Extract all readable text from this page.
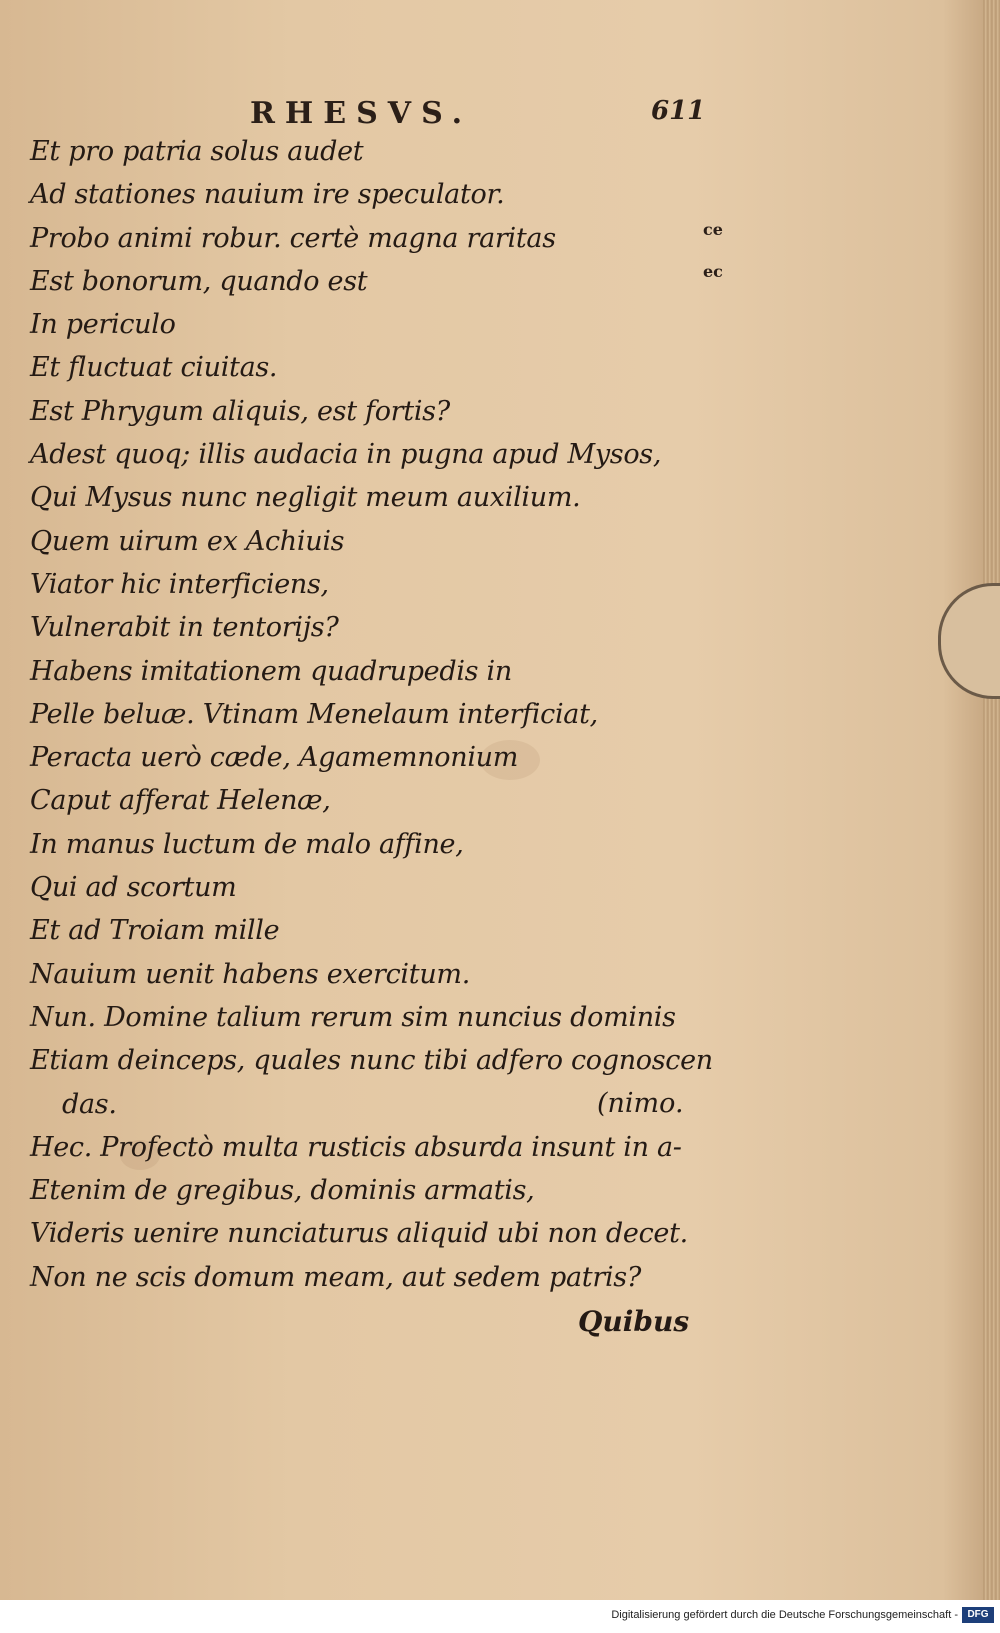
RHESVS.	611
ce
ec
Et pro patria solus audet
Ad stationes nauium ire speculator.
Probo animi robur. certè magna raritas
Est bonorum, quando est
In periculo
Et fluctuat ciuitas.
Est Phrygum aliquis, est fortis?
Adest quoq; illis audacia in pugna apud Mysos,
Qui Mysus nunc negligit meum auxilium.
Quem uirum ex Achiuis
Viator hic interficiens,
Vulnerabit in tentorijs?
Habens imitationem quadrupedis in
Pelle beluæ. Vtinam Menelaum interficiat,
Peracta uerò cæde, Agamemnonium
Caput afferat Helenæ,
In manus luctum de malo affine,
Qui ad scortum
Et ad Troiam mille
Nauium uenit habens exercitum.
Nun. Domine talium rerum sim nuncius dominis
Etiam deinceps, quales nunc tibi adfero cognoscen
das.
Hec. Profectò multa rusticis absurda insunt in a-
Etenim de gregibus, dominis armatis,
Videris uenire nunciaturus aliquid ubi non decet.
Non ne scis domum meam, aut sedem patris?
(nimo.
Quibus
Digitalisierung gefördert durch die Deutsche Forschungsgemeinschaft - DFG
